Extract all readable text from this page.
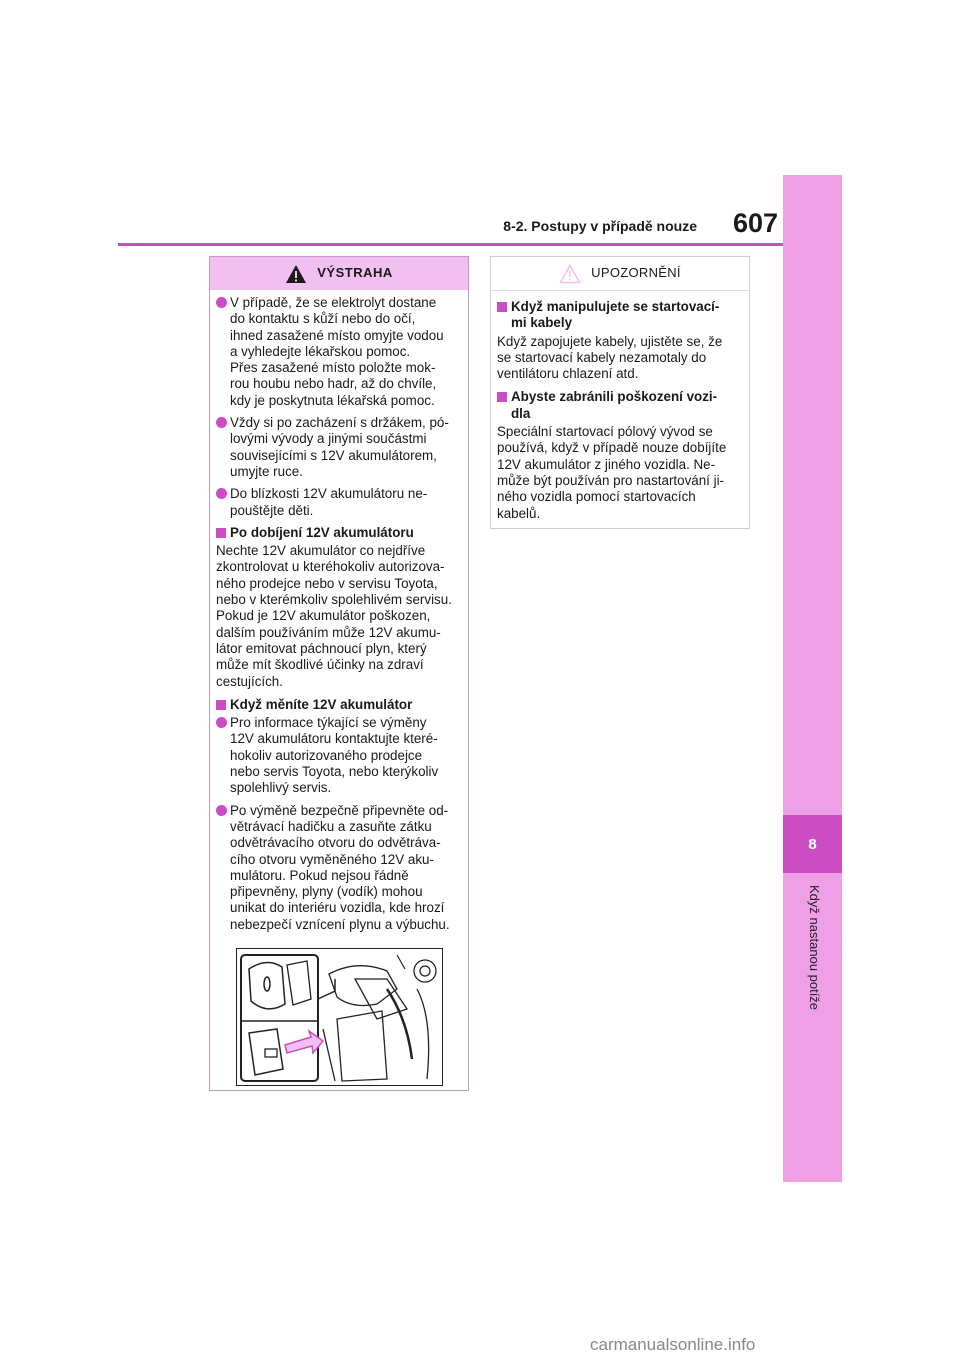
8
Když nastanou potíže
8-2. Postupy v případě nouze	607
VÝSTRAHA
V případě, že se elektrolyt dostane
do kontaktu s kůží nebo do očí,
ihned zasažené místo omyjte vodou
a vyhledejte lékařskou pomoc.
Přes zasažené místo položte mok-
rou houbu nebo hadr, až do chvíle,
kdy je poskytnuta lékařská pomoc.
Vždy si po zacházení s držákem, pó-
lovými vývody a jinými součástmi
souvisejícími s 12V akumulátorem,
umyjte ruce.
Do blízkosti 12V akumulátoru ne-
pouštějte děti.
Po dobíjení 12V akumulátoru
Nechte 12V akumulátor co nejdříve
zkontrolovat u kteréhokoliv autorizova-
ného prodejce nebo v servisu Toyota,
nebo v kterémkoliv spolehlivém servisu.
Pokud je 12V akumulátor poškozen,
dalším používáním může 12V akumu-
látor emitovat páchnoucí plyn, který
může mít škodlivé účinky na zdraví
cestujících.
Když měníte 12V akumulátor
Pro informace týkající se výměny
12V akumulátoru kontaktujte které-
hokoliv autorizovaného prodejce
nebo servis Toyota, nebo kterýkoliv
spolehlivý servis.
Po výměně bezpečně připevněte od-
větrávací hadičku a zasuňte zátku
odvětrávacího otvoru do odvětráva-
cího otvoru vyměněného 12V aku-
mulátoru. Pokud nejsou řádně
připevněny, plyny (vodík) mohou
unikat do interiéru vozidla, kde hrozí
nebezpečí vznícení plynu a výbuchu.
UPOZORNĚNÍ
Když manipulujete se startovací-
mi kabely
Když zapojujete kabely, ujistěte se, že
se startovací kabely nezamotaly do
ventilátoru chlazení atd.
Abyste zabránili poškození vozi-
dla
Speciální startovací pólový vývod se
používá, když v případě nouze dobíjíte
12V akumulátor z jiného vozidla. Ne-
může být používán pro nastartování ji-
ného vozidla pomocí startovacích
kabelů.
carmanualsonline.info
